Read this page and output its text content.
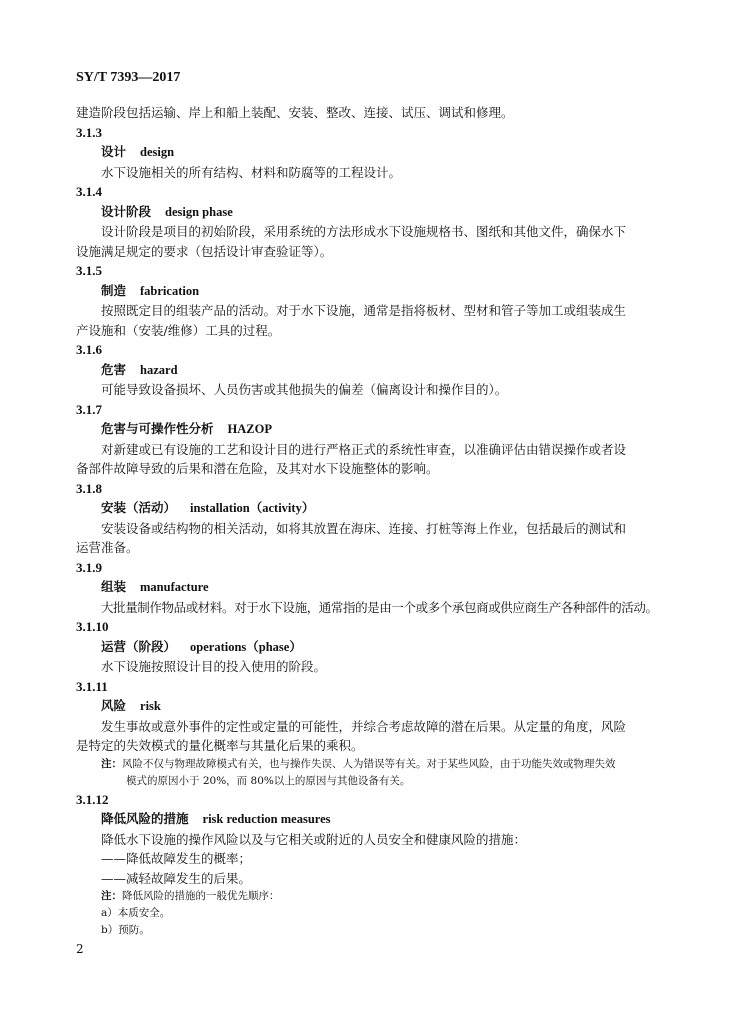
SY/T 7393—2017

建造阶段包括运输、岸上和船上装配、安装、整改、连接、试压、调试和修理。

3.1.3
设计 design

水下设施相关的所有结构、材料和防腐等的工程设计。

3.1.4
设计阶段 design phase

设计阶段是项目的初始阶段，采用系统的方法形成水下设施规格书、图纸和其他文件，确保水下

设施满足规定的要求（包括设计审查验证等）。

3.1.5
制造 fabrication

按照既定目的组装产品的活动。对于水下设施，通常是指将板材、型材和管子等加工或组装成生

产设施和（安装/维修）工具的过程。

3.1.6
危害 hazard

可能导致设备损坏、人员伤害或其他损失的偏差（偏离设计和操作目的）。

3.1.7
危害与可操作性分析 HAZOP

对新建或已有设施的工艺和设计目的进行严格正式的系统性审查，以准确评估由错误操作或者设

备部件故障导致的后果和潜在危险，及其对水下设施整体的影响。

3.1.8
安装（活动） installation（activity）

安装设备或结构物的相关活动，如将其放置在海床、连接、打桩等海上作业，包括最后的测试和

运营准备。

3.1.9
组装 manufacture

大批量制作物品或材料。对于水下设施，通常指的是由一个或多个承包商或供应商生产各种部件的活动。

3.1.10
运营（阶段） operations（phase）

水下设施按照设计目的投入使用的阶段。

3.1.11
风险 risk

发生事故或意外事件的定性或定量的可能性，并综合考虑故障的潜在后果。从定量的角度，风险

是特定的失效模式的量化概率与其量化后果的乘积。

注：风险不仅与物理故障模式有关，也与操作失误、人为错误等有关。对于某些风险，由于功能失效或物理失效
模式的原因小于 20%，而 80%以上的原因与其他设备有关。
3.1.12
降低风险的措施 risk reduction measures

降低水下设施的操作风险以及与它相关或附近的人员安全和健康风险的措施：

——降低故障发生的概率；

——减轻故障发生的后果。

注：降低风险的措施的一般优先顺序：

a）本质安全。

b）预防。

2
